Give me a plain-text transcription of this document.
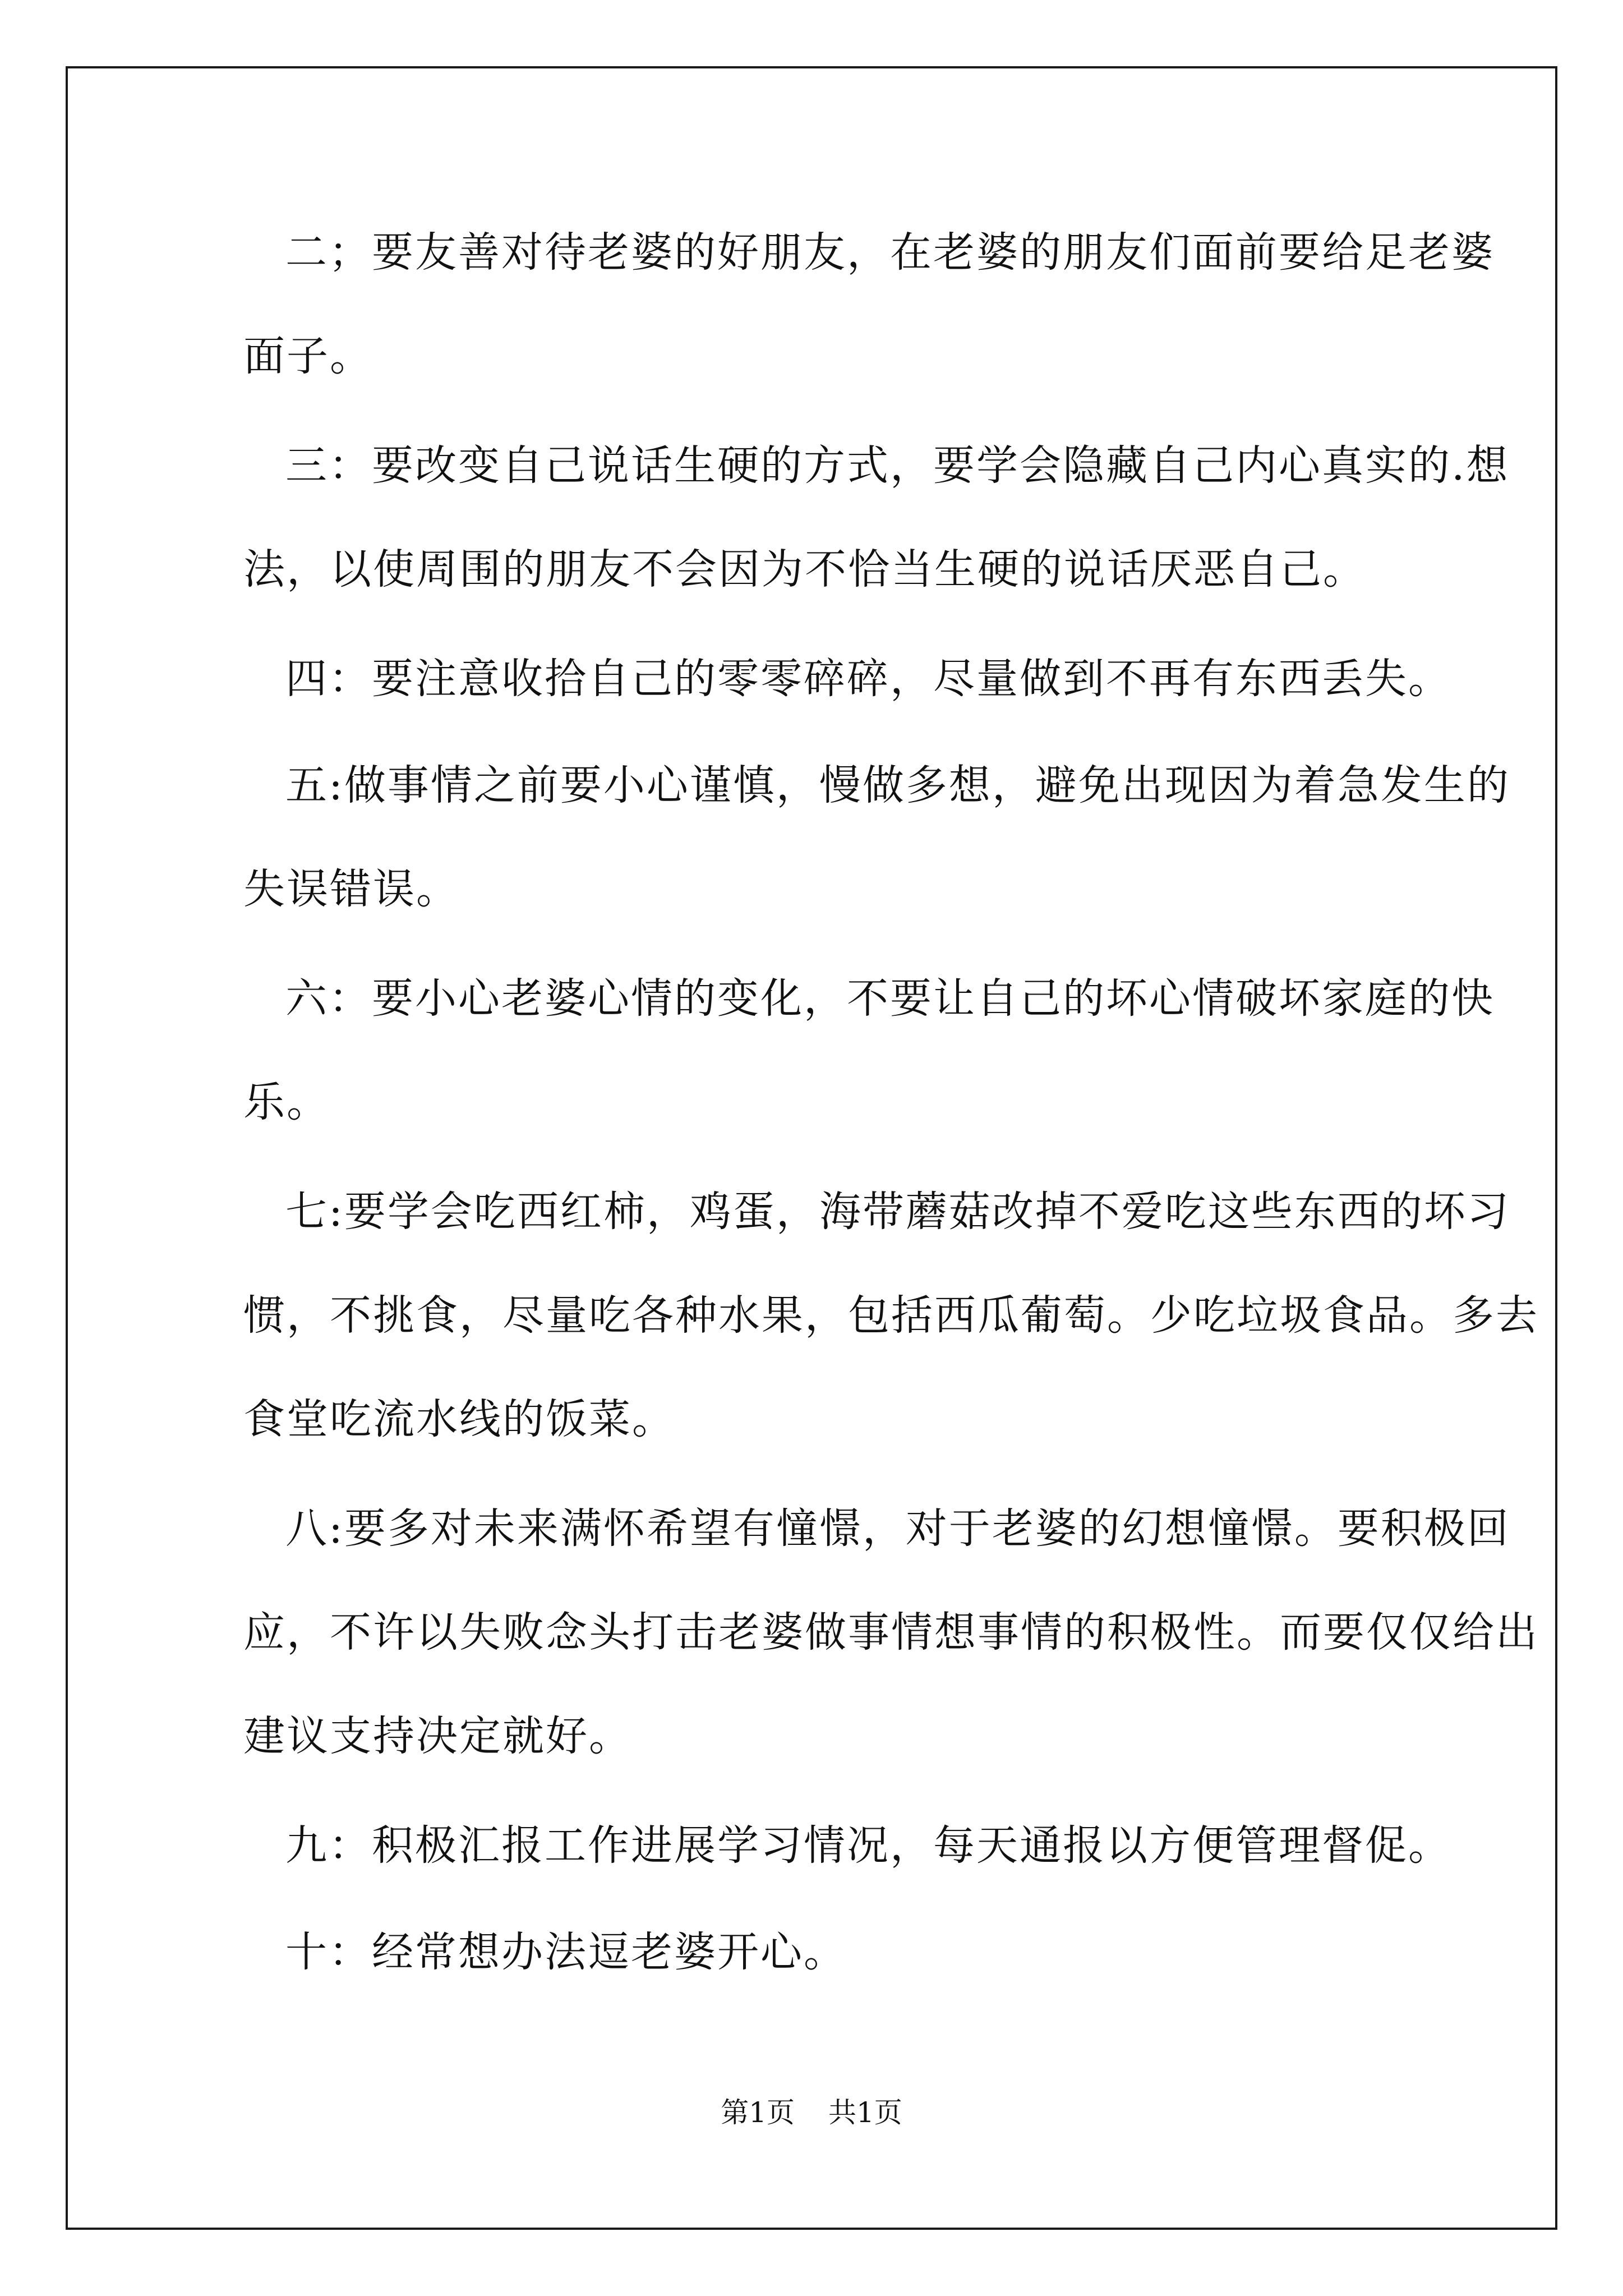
二；要友善对待老婆的好朋友，在老婆的朋友们面前要给足老婆
面子。
三：要改变自己说话生硬的方式，要学会隐藏自己内心真实的.想
法，以使周围的朋友不会因为不恰当生硬的说话厌恶自己。
四：要注意收拾自己的零零碎碎，尽量做到不再有东西丢失。
五:做事情之前要小心谨慎，慢做多想，避免出现因为着急发生的
失误错误。
六：要小心老婆心情的变化，不要让自己的坏心情破坏家庭的快
乐。
七:要学会吃西红柿，鸡蛋，海带蘑菇改掉不爱吃这些东西的坏习
惯，不挑食，尽量吃各种水果，包括西瓜葡萄。少吃垃圾食品。多去
食堂吃流水线的饭菜。
八:要多对未来满怀希望有憧憬，对于老婆的幻想憧憬。要积极回
应，不许以失败念头打击老婆做事情想事情的积极性。而要仅仅给出
建议支持决定就好。
九：积极汇报工作进展学习情况，每天通报以方便管理督促。
十：经常想办法逗老婆开心。
第1页 共1页
